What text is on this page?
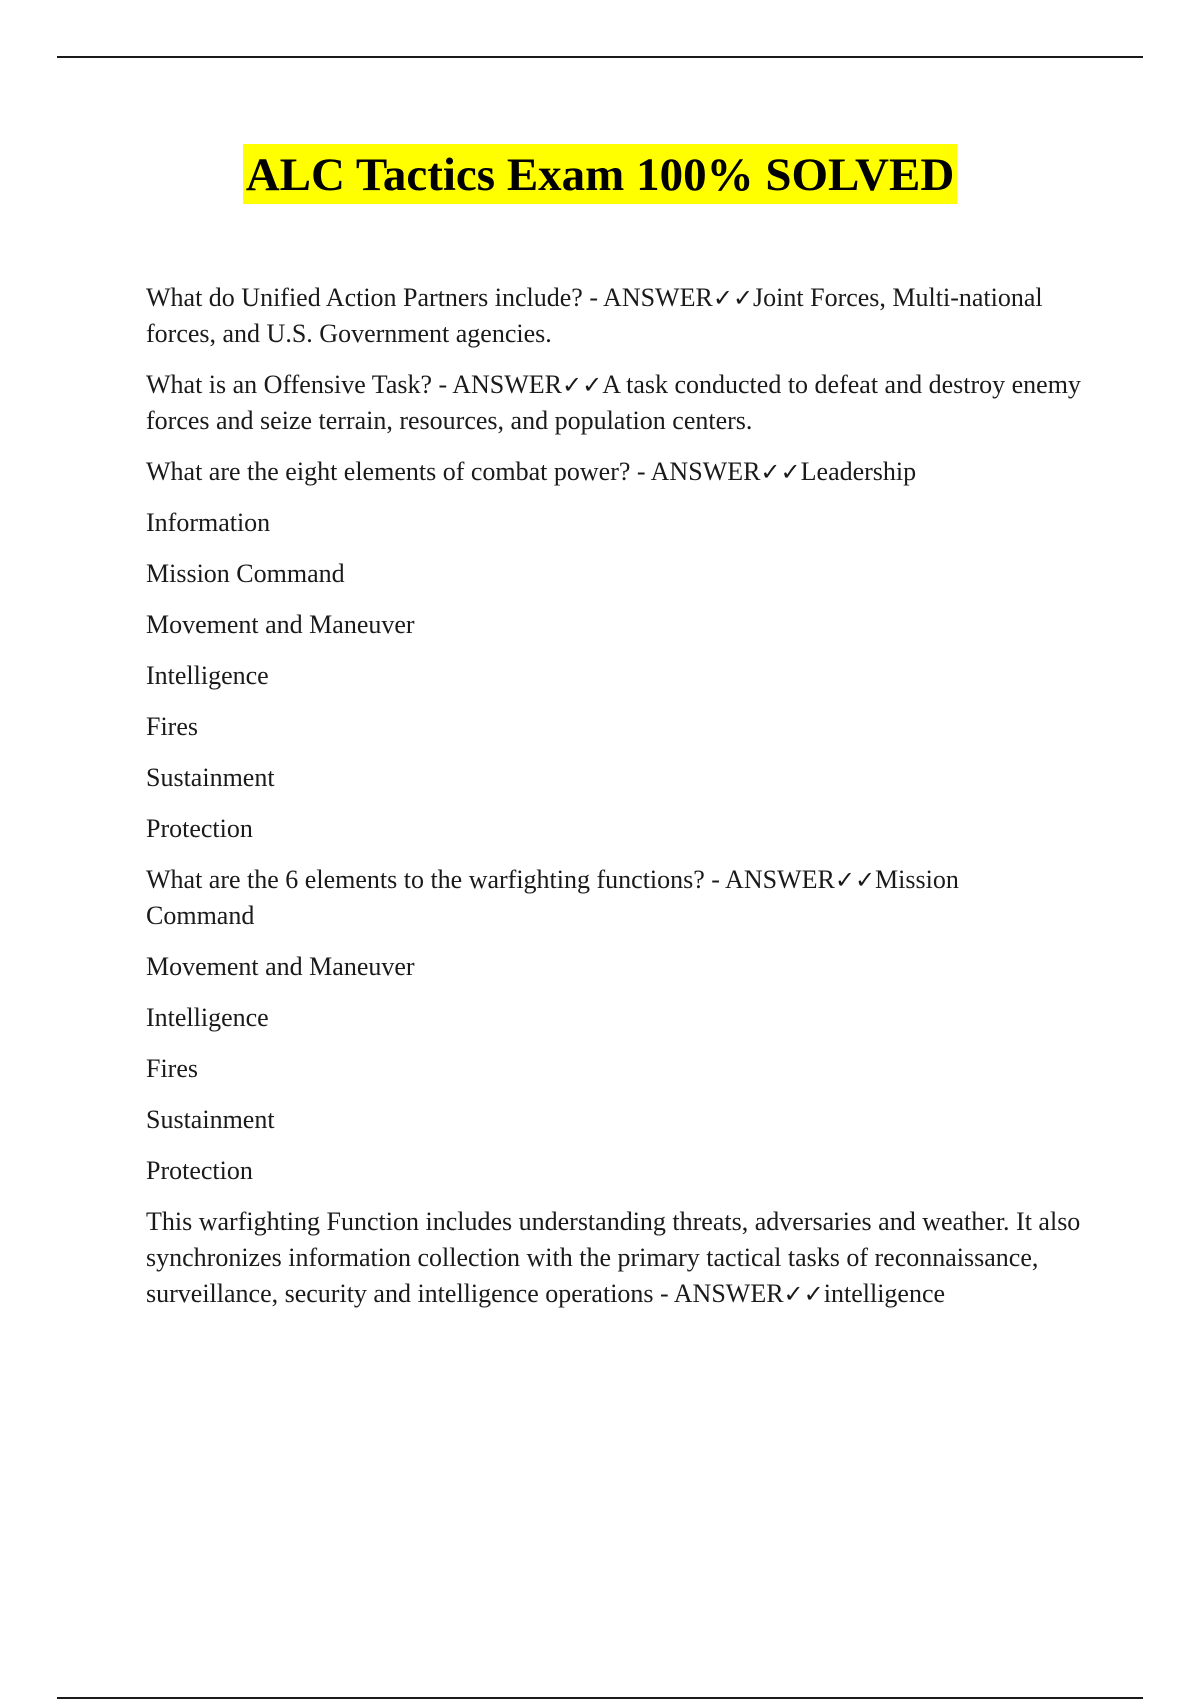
ALC Tactics Exam 100% SOLVED

What do Unified Action Partners include? - ANSWER✓✓Joint Forces, Multi-national forces, and U.S. Government agencies.

What is an Offensive Task? - ANSWER✓✓A task conducted to defeat and destroy enemy forces and seize terrain, resources, and population centers.

What are the eight elements of combat power? - ANSWER✓✓Leadership

Information
Mission Command
Movement and Maneuver
Intelligence
Fires
Sustainment
Protection

What are the 6 elements to the warfighting functions? - ANSWER✓✓Mission Command

Movement and Maneuver
Intelligence
Fires
Sustainment
Protection

This warfighting Function includes understanding threats, adversaries and weather. It also synchronizes information collection with the primary tactical tasks of reconnaissance, surveillance, security and intelligence operations - ANSWER✓✓intelligence
